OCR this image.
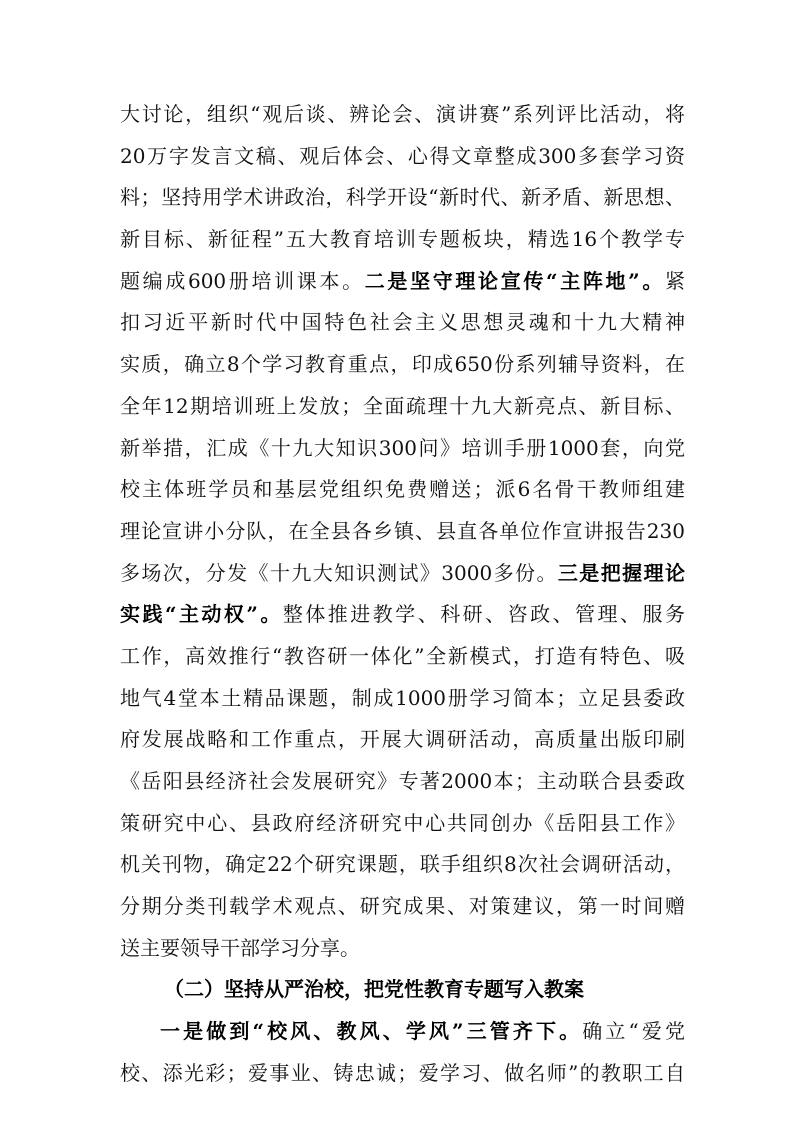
大讨论，组织“观后谈、辨论会、演讲赛”系列评比活动，将
20万字发言文稿、观后体会、心得文章整成300多套学习资
料；坚持用学术讲政治，科学开设“新时代、新矛盾、新思想、
新目标、新征程”五大教育培训专题板块，精选16个教学专
题编成600册培训课本。二是坚守理论宣传“主阵地”。紧
扣习近平新时代中国特色社会主义思想灵魂和十九大精神
实质，确立8个学习教育重点，印成650份系列辅导资料，在
全年12期培训班上发放；全面疏理十九大新亮点、新目标、
新举措，汇成《十九大知识300问》培训手册1000套，向党
校主体班学员和基层党组织免费赠送；派6名骨干教师组建
理论宣讲小分队，在全县各乡镇、县直各单位作宣讲报告230
多场次，分发《十九大知识测试》3000多份。三是把握理论
实践“主动权”。整体推进教学、科研、咨政、管理、服务
工作，高效推行“教咨研一体化”全新模式，打造有特色、吸
地气4堂本土精品课题，制成1000册学习简本；立足县委政
府发展战略和工作重点，开展大调研活动，高质量出版印刷
《岳阳县经济社会发展研究》专著2000本；主动联合县委政
策研究中心、县政府经济研究中心共同创办《岳阳县工作》
机关刊物，确定22个研究课题，联手组织8次社会调研活动，
分期分类刊载学术观点、研究成果、对策建议，第一时间赠
送主要领导干部学习分享。
（二）坚持从严治校，把党性教育专题写入教案
一是做到“校风、教风、学风”三管齐下。确立“爱党
校、添光彩；爱事业、铸忠诚；爱学习、做名师”的教职工自
